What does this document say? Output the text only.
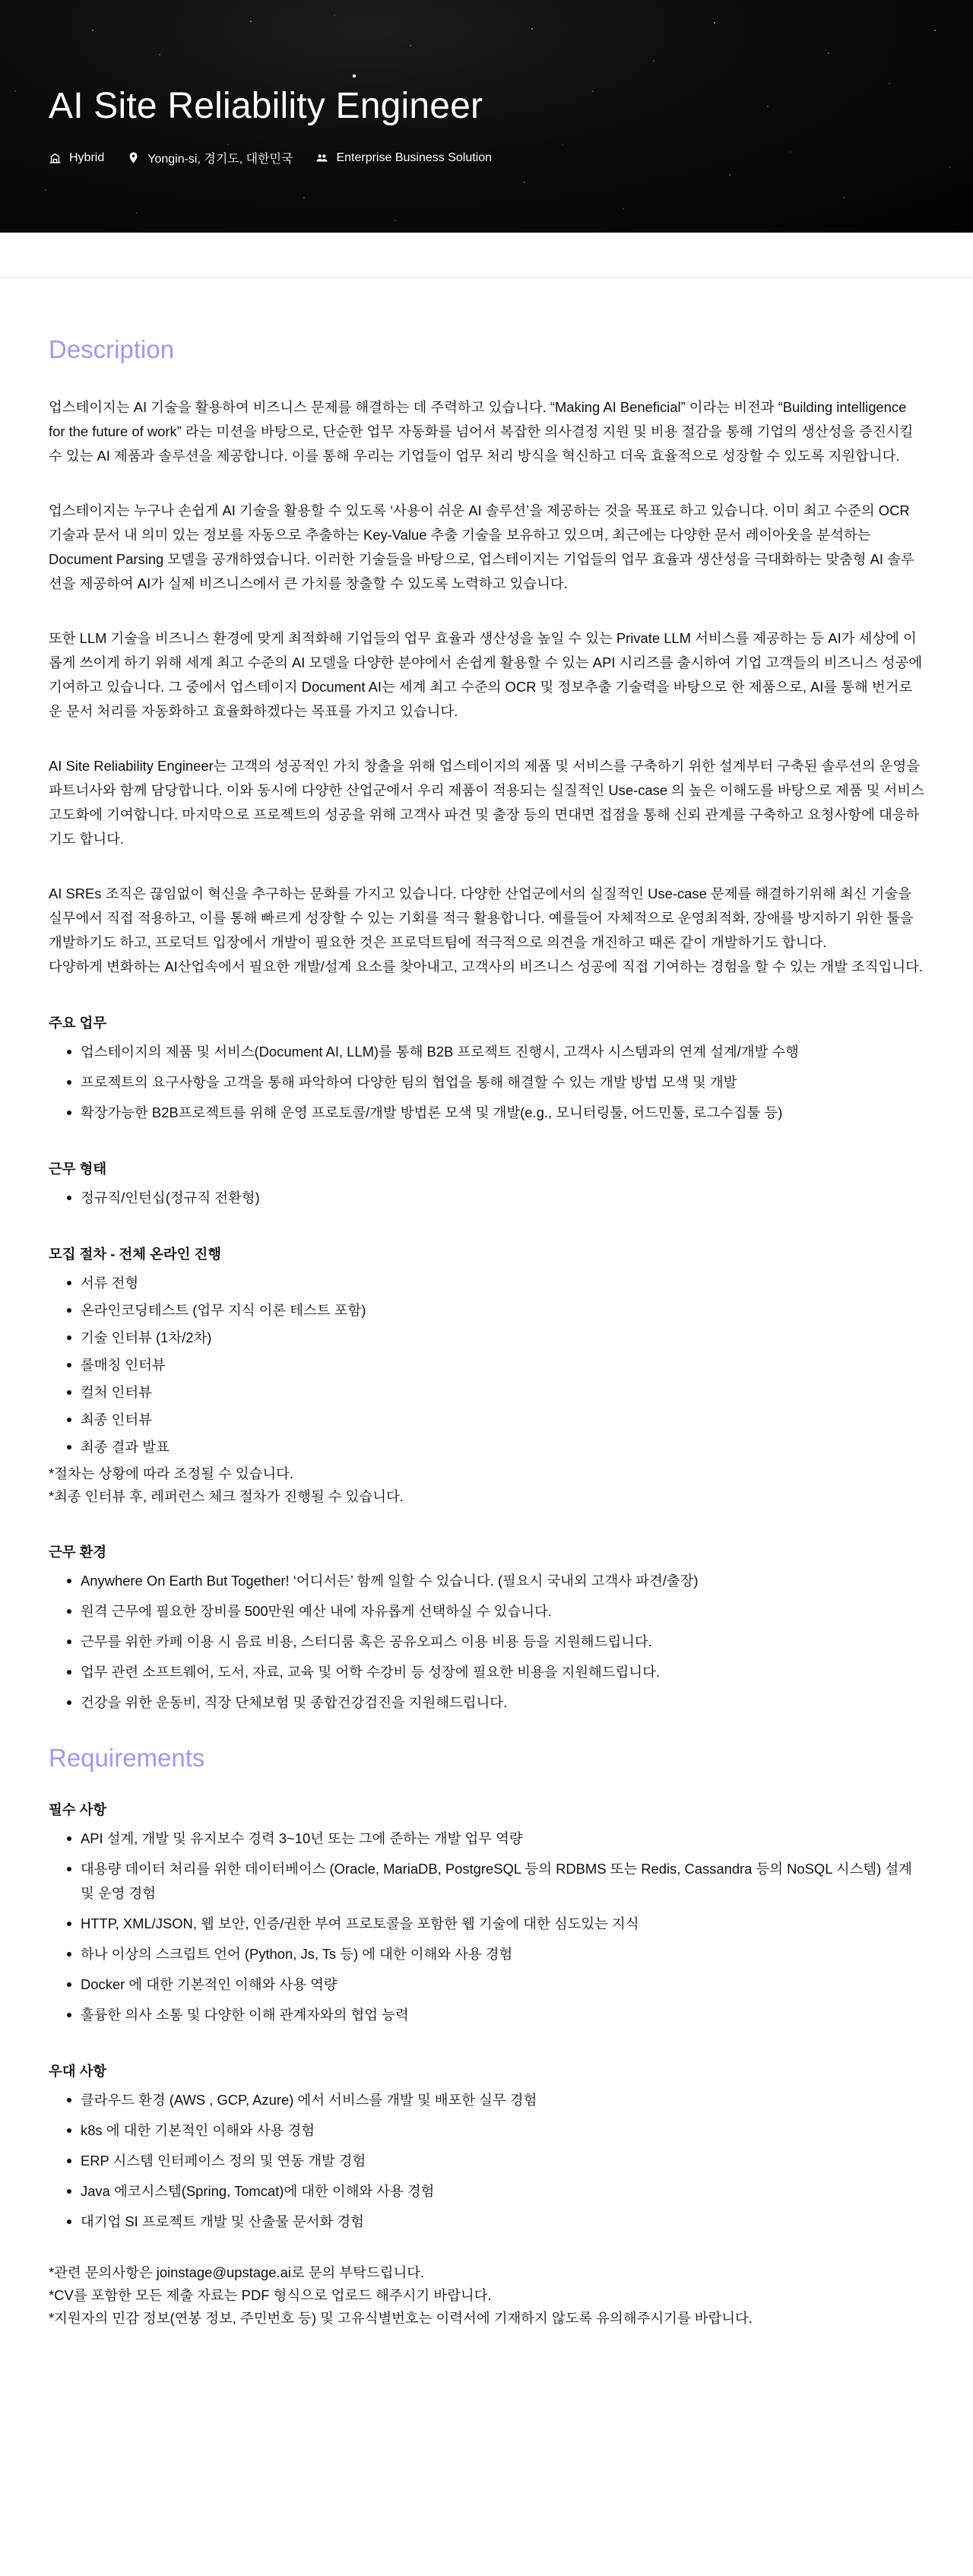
AI Site Reliability Engineer
Hybrid	Yongin-si, 경기도, 대한민국	Enterprise Business Solution
Description

업스테이지는 AI 기술을 활용하여 비즈니스 문제를 해결하는 데 주력하고 있습니다. “Making AI Beneficial” 이라는 비전과 “Building intelligence for the future of work” 라는 미션을 바탕으로, 단순한 업무 자동화를 넘어서 복잡한 의사결정 지원 및 비용 절감을 통해 기업의 생산성을 증진시킬 수 있는 AI 제품과 솔루션을 제공합니다. 이를 통해 우리는 기업들이 업무 처리 방식을 혁신하고 더욱 효율적으로 성장할 수 있도록 지원합니다.

업스테이지는 누구나 손쉽게 AI 기술을 활용할 수 있도록 ‘사용이 쉬운 AI 솔루션’을 제공하는 것을 목표로 하고 있습니다. 이미 최고 수준의 OCR 기술과 문서 내 의미 있는 정보를 자동으로 추출하는 Key-Value 추출 기술을 보유하고 있으며, 최근에는 다양한 문서 레이아웃을 분석하는 Document Parsing 모델을 공개하였습니다. 이러한 기술들을 바탕으로, 업스테이지는 기업들의 업무 효율과 생산성을 극대화하는 맞춤형 AI 솔루션을 제공하여 AI가 실제 비즈니스에서 큰 가치를 창출할 수 있도록 노력하고 있습니다.

또한 LLM 기술을 비즈니스 환경에 맞게 최적화해 기업들의 업무 효율과 생산성을 높일 수 있는 Private LLM 서비스를 제공하는 등 AI가 세상에 이롭게 쓰이게 하기 위해 세계 최고 수준의 AI 모델을 다양한 분야에서 손쉽게 활용할 수 있는 API 시리즈를 출시하여 기업 고객들의 비즈니스 성공에 기여하고 있습니다. 그 중에서 업스테이지 Document AI는 세계 최고 수준의 OCR 및 정보추출 기술력을 바탕으로 한 제품으로, AI를 통해 번거로운 문서 처리를 자동화하고 효율화하겠다는 목표를 가지고 있습니다.

AI Site Reliability Engineer는 고객의 성공적인 가치 창출을 위해 업스테이지의 제품 및 서비스를 구축하기 위한 설계부터 구축된 솔루션의 운영을 파트너사와 함께 담당합니다. 이와 동시에 다양한 산업군에서 우리 제품이 적용되는 실질적인 Use-case 의 높은 이해도를 바탕으로 제품 및 서비스 고도화에 기여합니다. 마지막으로 프로젝트의 성공을 위해 고객사 파견 및 출장 등의 면대면 접점을 통해 신뢰 관계를 구축하고 요청사항에 대응하기도 합니다.

AI SREs 조직은 끊임없이 혁신을 추구하는 문화를 가지고 있습니다. 다양한 산업군에서의 실질적인 Use-case 문제를 해결하기위해 최신 기술을 실무에서 직접 적용하고, 이를 통해 빠르게 성장할 수 있는 기회를 적극 활용합니다. 예를들어 자체적으로 운영최적화, 장애를 방지하기 위한 툴을 개발하기도 하고, 프로덕트 입장에서 개발이 필요한 것은 프로덕트팀에 적극적으로 의견을 개진하고 때론 같이 개발하기도 합니다.

다양하게 변화하는 AI산업속에서 필요한 개발/설계 요소를 찾아내고, 고객사의 비즈니스 성공에 직접 기여하는 경험을 할 수 있는 개발 조직입니다.

주요 업무
업스테이지의 제품 및 서비스(Document AI, LLM)를 통해 B2B 프로젝트 진행시, 고객사 시스템과의 연계 설계/개발 수행
프로젝트의 요구사항을 고객을 통해 파악하여 다양한 팀의 협업을 통해 해결할 수 있는 개발 방법 모색 및 개발
확장가능한 B2B프로젝트를 위해 운영 프로토콜/개발 방법론 모색 및 개발(e.g., 모니터링툴, 어드민툴, 로그수집툴 등)
근무 형태
정규직/인턴십(정규직 전환형)
모집 절차 - 전체 온라인 진행
서류 전형
온라인코딩테스트 (업무 지식 이론 테스트 포함)
기술 인터뷰 (1차/2차)
롤매칭 인터뷰
컬처 인터뷰
최종 인터뷰
최종 결과 발표
*절차는 상황에 따라 조정될 수 있습니다.
*최종 인터뷰 후, 레퍼런스 체크 절차가 진행될 수 있습니다.
근무 환경
Anywhere On Earth But Together! ‘어디서든’ 함께 일할 수 있습니다. (필요시 국내외 고객사 파견/출장)
원격 근무에 필요한 장비를 500만원 예산 내에 자유롭게 선택하실 수 있습니다.
근무를 위한 카페 이용 시 음료 비용, 스터디룸 혹은 공유오피스 이용 비용 등을 지원해드립니다.
업무 관련 소프트웨어, 도서, 자료, 교육 및 어학 수강비 등 성장에 필요한 비용을 지원해드립니다.
건강을 위한 운동비, 직장 단체보험 및 종합건강검진을 지원해드립니다.
Requirements
필수 사항
API 설계, 개발 및 유지보수 경력 3~10년 또는 그에 준하는 개발 업무 역량
대용량 데이터 처리를 위한 데이터베이스 (Oracle, MariaDB, PostgreSQL 등의 RDBMS 또는 Redis, Cassandra 등의 NoSQL 시스템) 설계 및 운영 경험
HTTP, XML/JSON, 웹 보안, 인증/권한 부여 프로토콜을 포함한 웹 기술에 대한 심도있는 지식
하나 이상의 스크립트 언어 (Python, Js, Ts 등) 에 대한 이해와 사용 경험
Docker 에 대한 기본적인 이해와 사용 역량
훌륭한 의사 소통 및 다양한 이해 관계자와의 협업 능력
우대 사항
클라우드 환경 (AWS , GCP, Azure) 에서 서비스를 개발 및 배포한 실무 경험
k8s 에 대한 기본적인 이해와 사용 경험
ERP 시스템 인터페이스 정의 및 연동 개발 경험
Java 에코시스템(Spring, Tomcat)에 대한 이해와 사용 경험
대기업 SI 프로젝트 개발 및 산출물 문서화 경험
*관련 문의사항은 joinstage@upstage.ai로 문의 부탁드립니다.
*CV를 포함한 모든 제출 자료는 PDF 형식으로 업로드 해주시기 바랍니다.
*지원자의 민감 정보(연봉 정보, 주민번호 등) 및 고유식별번호는 이력서에 기재하지 않도록 유의해주시기를 바랍니다.
